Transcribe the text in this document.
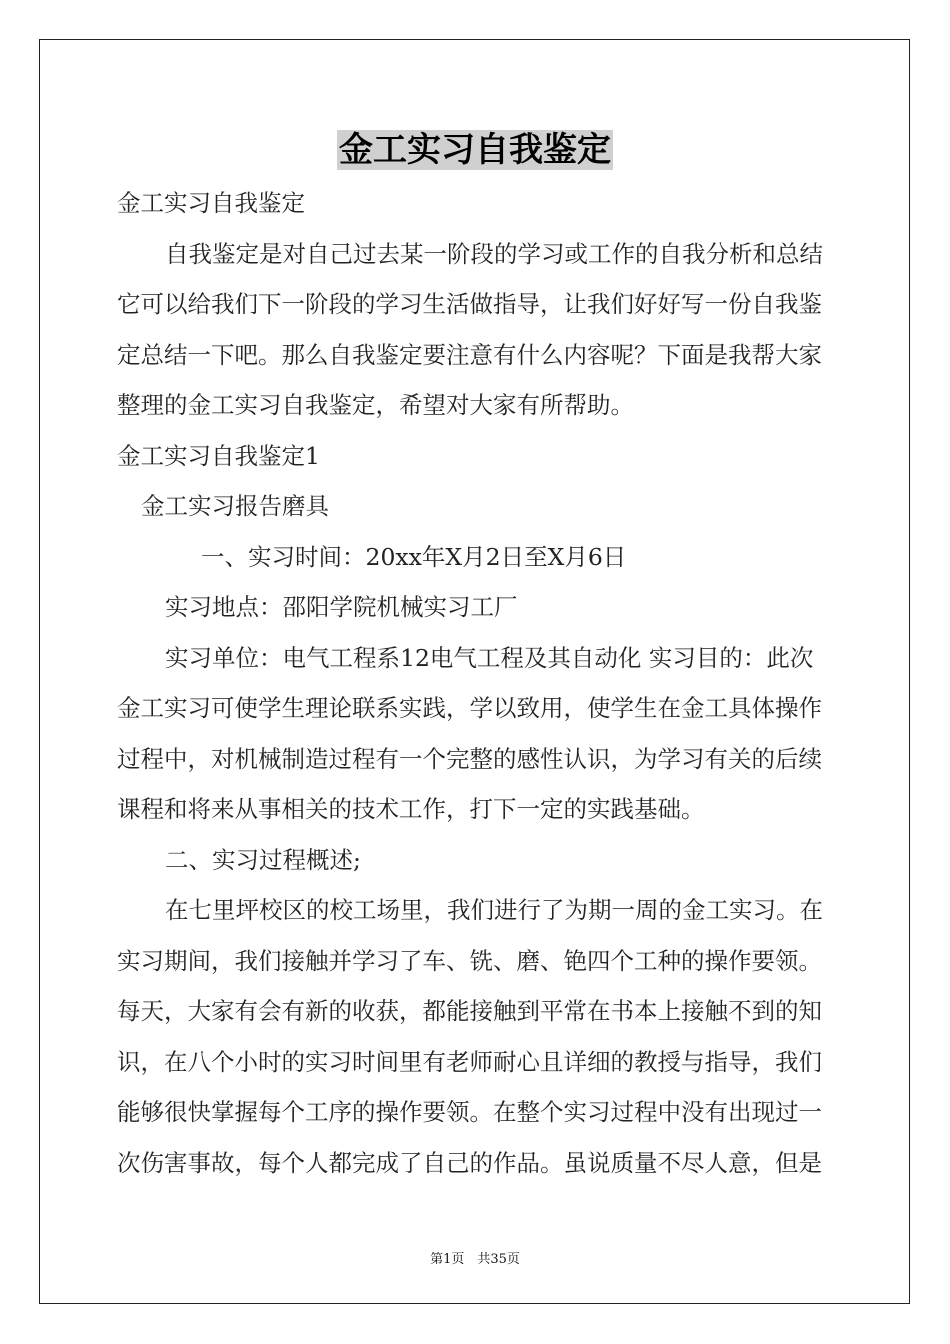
金工实习自我鉴定
金工实习自我鉴定
自我鉴定是对自己过去某一阶段的学习或工作的自我分析和总结
它可以给我们下一阶段的学习生活做指导，让我们好好写一份自我鉴
定总结一下吧。那么自我鉴定要注意有什么内容呢？下面是我帮大家
整理的金工实习自我鉴定，希望对大家有所帮助。
金工实习自我鉴定1
金工实习报告磨具
一、实习时间：20xx年X月2日至X月6日
实习地点：邵阳学院机械实习工厂
实习单位：电气工程系12电气工程及其自动化 实习目的：此次
金工实习可使学生理论联系实践，学以致用，使学生在金工具体操作
过程中，对机械制造过程有一个完整的感性认识，为学习有关的后续
课程和将来从事相关的技术工作，打下一定的实践基础。
二、实习过程概述;
在七里坪校区的校工场里，我们进行了为期一周的金工实习。在
实习期间，我们接触并学习了车、铣、磨、铯四个工种的操作要领。
每天，大家有会有新的收获，都能接触到平常在书本上接触不到的知
识，在八个小时的实习时间里有老师耐心且详细的教授与指导，我们
能够很快掌握每个工序的操作要领。在整个实习过程中没有出现过一
次伤害事故，每个人都完成了自己的作品。虽说质量不尽人意，但是
第1页　共35页
